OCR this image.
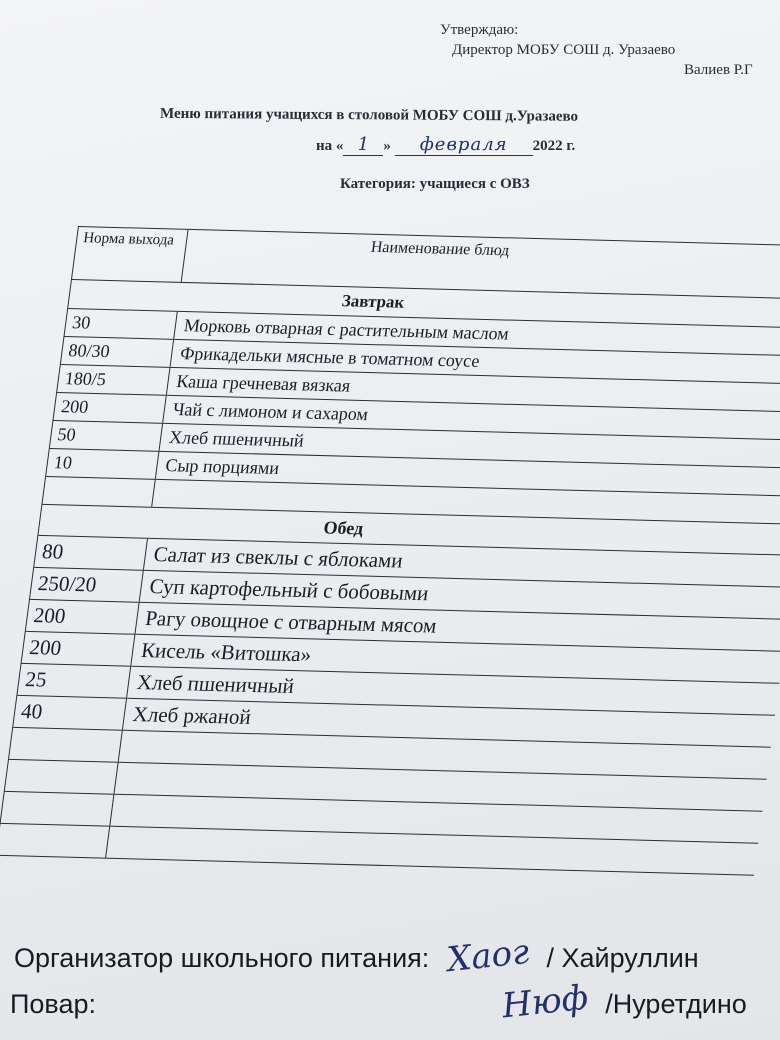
Утверждаю:
Директор МОБУ СОШ д. Уразаево
Валиев Р.Г
Меню питания учащихся в столовой МОБУ СОШ д.Уразаево
на « 1 » февраля 2022 г.
Категория: учащиеся с ОВЗ
Норма выхода	Наименование блюд
Завтрак
30	Морковь отварная с растительным маслом
80/30	Фрикадельки мясные в томатном соусе
180/5	Каша гречневая вязкая
200	Чай с лимоном и сахаром
50	Хлеб пшеничный
10	Сыр порциями
Обед
80	Салат из свеклы с яблоками
250/20	Суп картофельный с бобовыми
200	Рагу овощное с отварным мясом
200	Кисель «Витошка»
25	Хлеб пшеничный
40	Хлеб ржаной
Организатор школьного питания: Хаог / Хайруллин
Повар:	Нюф /Нуретдино
